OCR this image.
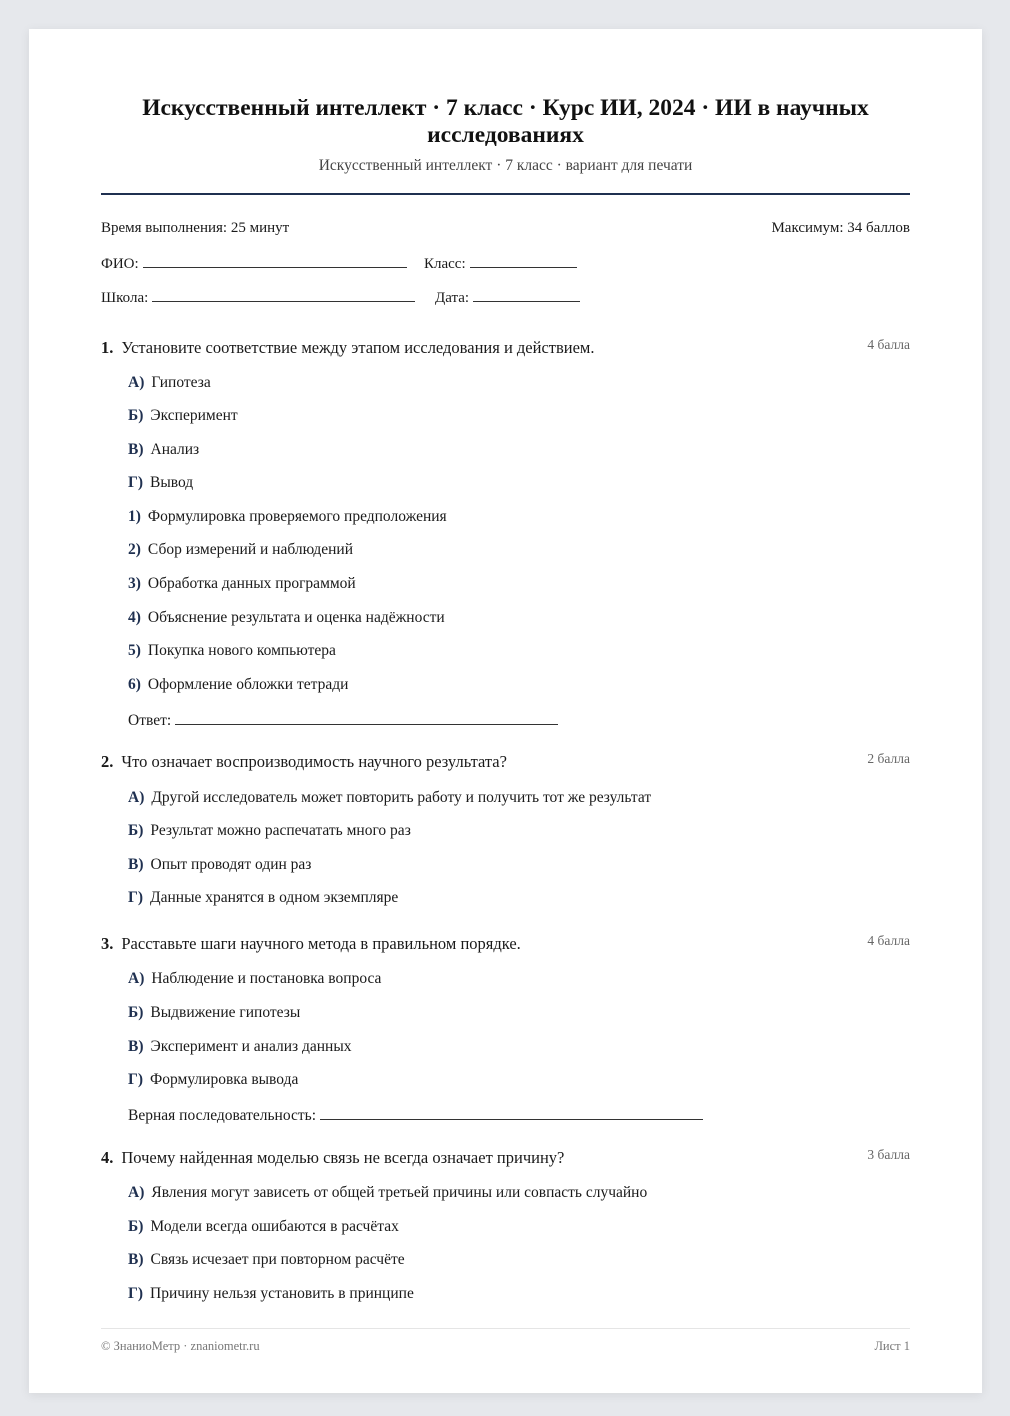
Искусственный интеллект · 7 класс · Курс ИИ, 2024 · ИИ в научных исследованиях
Искусственный интеллект · 7 класс · вариант для печати
Время выполнения: 25 минут	Максимум: 34 баллов
ФИО:	Класс:
Школа:	Дата:
1. Установите соответствие между этапом исследования и действием.	4 балла
А) Гипотеза
Б) Эксперимент
В) Анализ
Г) Вывод
1) Формулировка проверяемого предположения
2) Сбор измерений и наблюдений
3) Обработка данных программой
4) Объяснение результата и оценка надёжности
5) Покупка нового компьютера
6) Оформление обложки тетради
Ответ:
2. Что означает воспроизводимость научного результата?	2 балла
А) Другой исследователь может повторить работу и получить тот же результат
Б) Результат можно распечатать много раз
В) Опыт проводят один раз
Г) Данные хранятся в одном экземпляре
3. Расставьте шаги научного метода в правильном порядке.	4 балла
А) Наблюдение и постановка вопроса
Б) Выдвижение гипотезы
В) Эксперимент и анализ данных
Г) Формулировка вывода
Верная последовательность:
4. Почему найденная моделью связь не всегда означает причину?	3 балла
А) Явления могут зависеть от общей третьей причины или совпасть случайно
Б) Модели всегда ошибаются в расчётах
В) Связь исчезает при повторном расчёте
Г) Причину нельзя установить в принципе
© ЗнаниоМетр · znaniometr.ru	Лист 1
